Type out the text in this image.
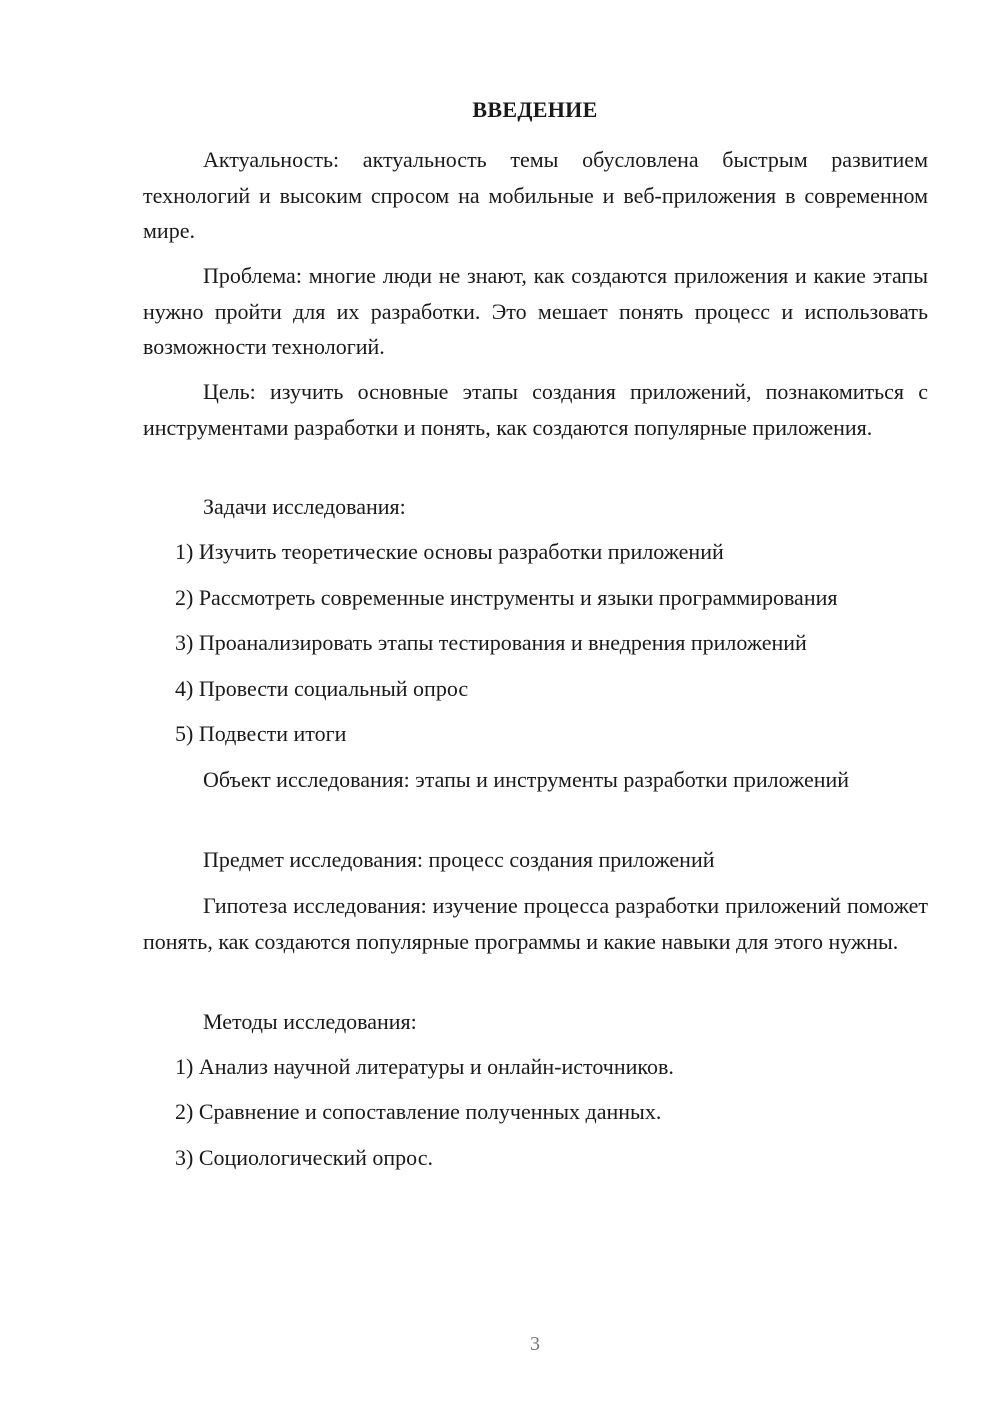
ВВЕДЕНИЕ

Актуальность: актуальность темы обусловлена быстрым развитием технологий и высоким спросом на мобильные и веб-приложения в современном мире.

Проблема: многие люди не знают, как создаются приложения и какие этапы нужно пройти для их разработки. Это мешает понять процесс и использовать возможности технологий.

Цель: изучить основные этапы создания приложений, познакомиться с инструментами разработки и понять, как создаются популярные приложения.

Задачи исследования:
1) Изучить теоретические основы разработки приложений
2) Рассмотреть современные инструменты и языки программирования
3) Проанализировать этапы тестирования и внедрения приложений
4) Провести социальный опрос
5) Подвести итоги

Объект исследования: этапы и инструменты разработки приложений

Предмет исследования: процесс создания приложений

Гипотеза исследования: изучение процесса разработки приложений поможет понять, как создаются популярные программы и какие навыки для этого нужны.

Методы исследования:
1) Анализ научной литературы и онлайн-источников.
2) Сравнение и сопоставление полученных данных.
3) Социологический опрос.
3
